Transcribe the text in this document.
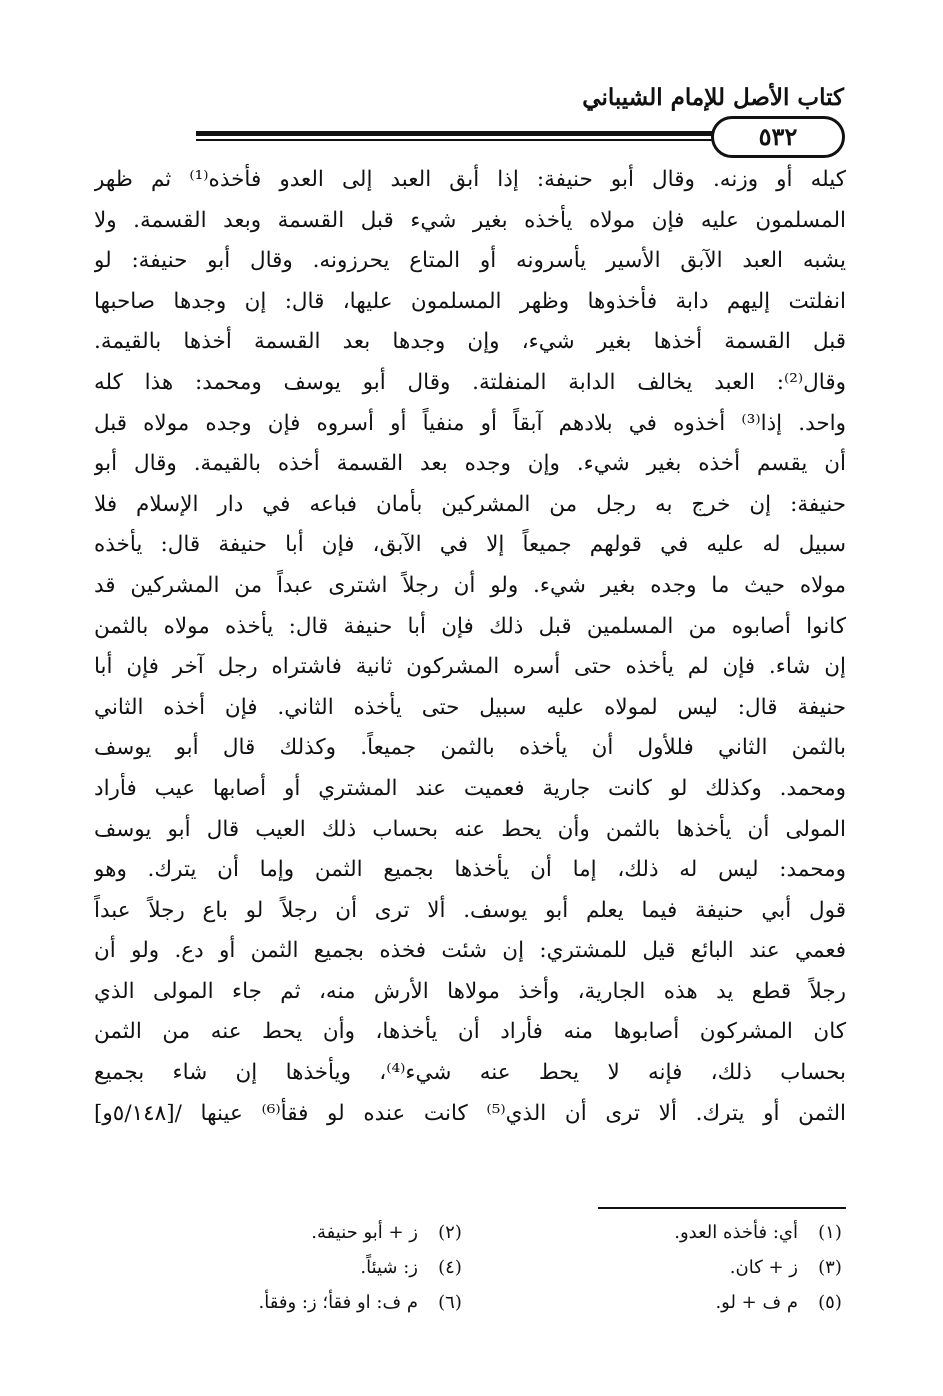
كتاب الأصل للإمام الشيباني
٥٣٢
كيله أو وزنه. وقال أبو حنيفة: إذا أبق العبد إلى العدو فأخذه⁽¹⁾ ثم ظهر
المسلمون عليه فإن مولاه يأخذه بغير شيء قبل القسمة وبعد القسمة. ولا
يشبه العبد الآبق الأسير يأسرونه أو المتاع يحرزونه. وقال أبو حنيفة: لو
انفلتت إليهم دابة فأخذوها وظهر المسلمون عليها، قال: إن وجدها صاحبها
قبل القسمة أخذها بغير شيء، وإن وجدها بعد القسمة أخذها بالقيمة.
وقال⁽²⁾: العبد يخالف الدابة المنفلتة. وقال أبو يوسف ومحمد: هذا كله
واحد. إذا⁽³⁾ أخذوه في بلادهم آبقاً أو منفياً أو أسروه فإن وجده مولاه قبل
أن يقسم أخذه بغير شيء. وإن وجده بعد القسمة أخذه بالقيمة. وقال أبو
حنيفة: إن خرج به رجل من المشركين بأمان فباعه في دار الإسلام فلا
سبيل له عليه في قولهم جميعاً إلا في الآبق، فإن أبا حنيفة قال: يأخذه
مولاه حيث ما وجده بغير شيء. ولو أن رجلاً اشترى عبداً من المشركين قد
كانوا أصابوه من المسلمين قبل ذلك فإن أبا حنيفة قال: يأخذه مولاه بالثمن
إن شاء. فإن لم يأخذه حتى أسره المشركون ثانية فاشتراه رجل آخر فإن أبا
حنيفة قال: ليس لمولاه عليه سبيل حتى يأخذه الثاني. فإن أخذه الثاني
بالثمن الثاني فللأول أن يأخذه بالثمن جميعاً. وكذلك قال أبو يوسف
ومحمد. وكذلك لو كانت جارية فعميت عند المشتري أو أصابها عيب فأراد
المولى أن يأخذها بالثمن وأن يحط عنه بحساب ذلك العيب قال أبو يوسف
ومحمد: ليس له ذلك، إما أن يأخذها بجميع الثمن وإما أن يترك. وهو
قول أبي حنيفة فيما يعلم أبو يوسف. ألا ترى أن رجلاً لو باع رجلاً عبداً
فعمي عند البائع قيل للمشتري: إن شئت فخذه بجميع الثمن أو دع. ولو أن
رجلاً قطع يد هذه الجارية، وأخذ مولاها الأرش منه، ثم جاء المولى الذي
كان المشركون أصابوها منه فأراد أن يأخذها، وأن يحط عنه من الثمن
بحساب ذلك، فإنه لا يحط عنه شيء⁽⁴⁾، ويأخذها إن شاء بجميع
الثمن أو يترك. ألا ترى أن الذي⁽⁵⁾ كانت عنده لو فقأ⁽⁶⁾ عينها /[٥/١٤٨و]
(١)
أي: فأخذه العدو.
(٢)
ز + أبو حنيفة.
(٣)
ز + كان.
(٤)
ز: شيئاً.
(٥)
م ف + لو.
(٦)
م ف: او فقأ؛ ز: وفقأ.
